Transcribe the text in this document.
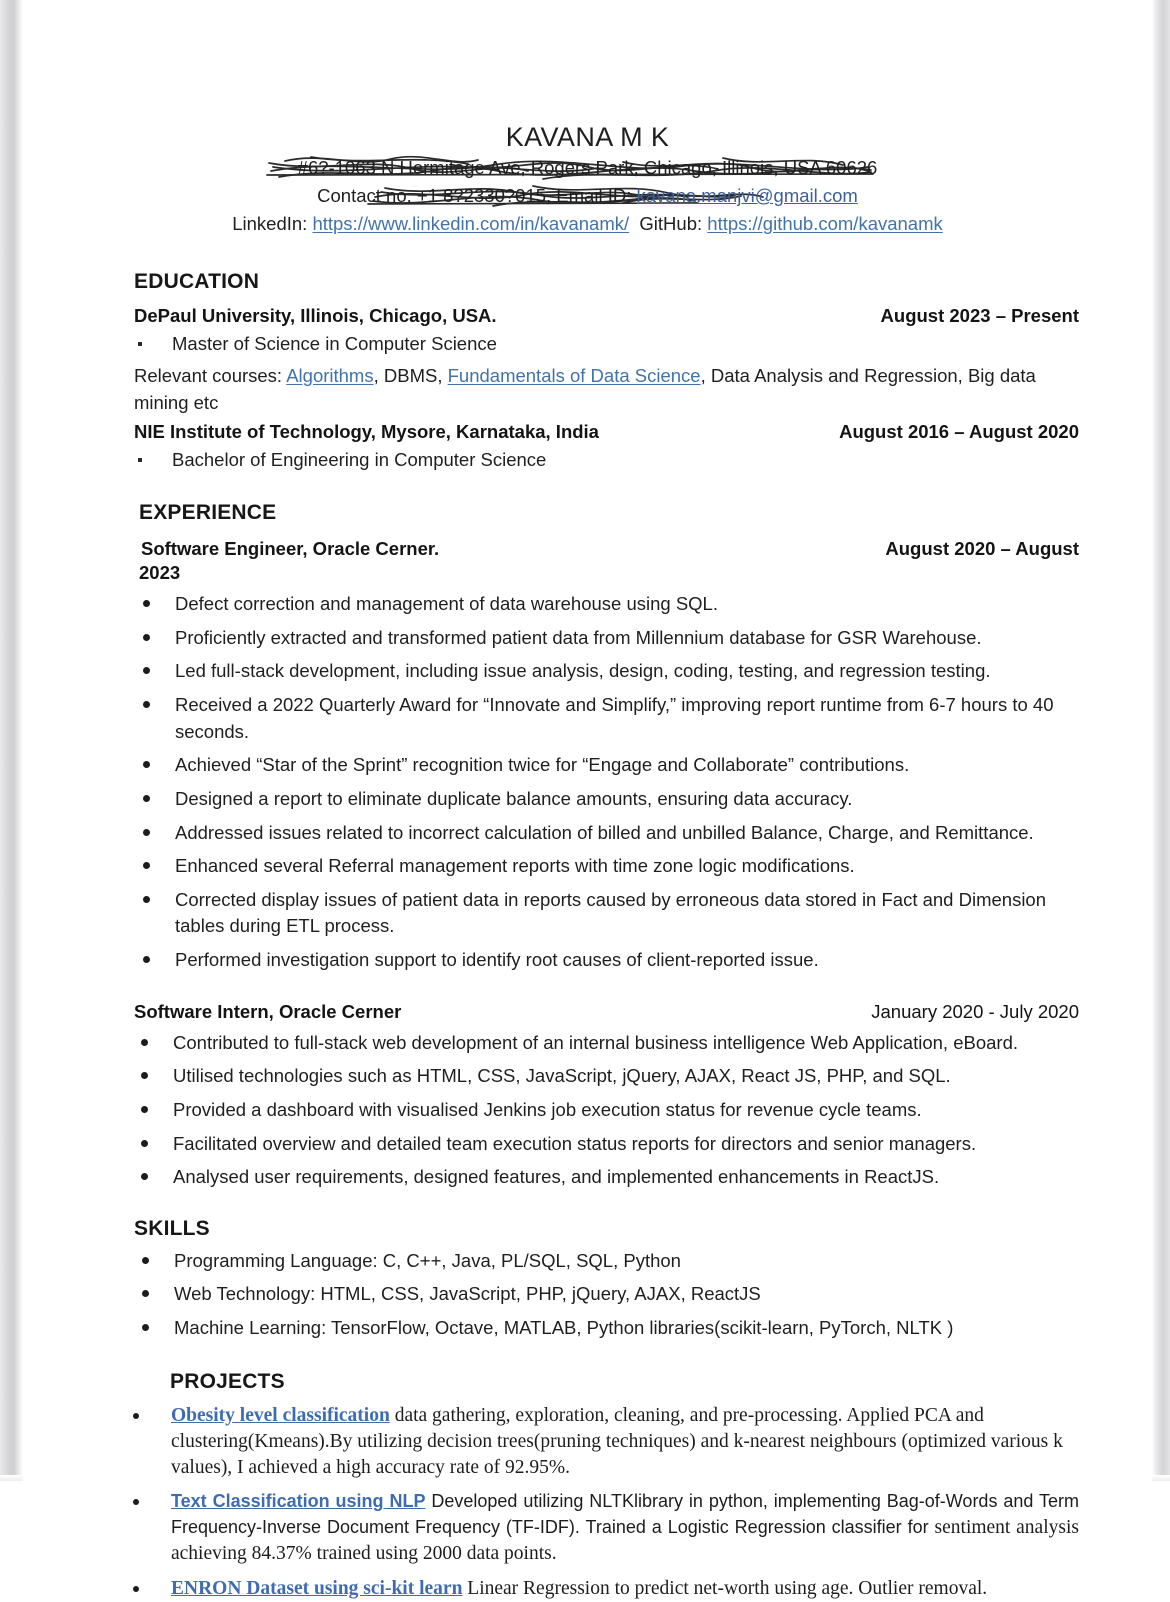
KAVANA M K
#6?-1063 N Hermitage Ave, Rogers Park, Chicago, Illinois, USA 60626
Contact no. +1 8?2330?015, Email ID: kavana.manjvi@gmail.com
LinkedIn: https://www.linkedin.com/in/kavanamk/ GitHub: https://github.com/kavanamk
EDUCATION
DePaul University, Illinois, Chicago, USA.	August 2023 – Present
Master of Science in Computer Science
Relevant courses: Algorithms, DBMS, Fundamentals of Data Science, Data Analysis and Regression, Big data mining etc
NIE Institute of Technology, Mysore, Karnataka, India	August 2016 – August 2020
Bachelor of Engineering in Computer Science
EXPERIENCE
Software Engineer, Oracle Cerner.	August 2020 – August
2023
Defect correction and management of data warehouse using SQL.
Proficiently extracted and transformed patient data from Millennium database for GSR Warehouse.
Led full-stack development, including issue analysis, design, coding, testing, and regression testing.
Received a 2022 Quarterly Award for “Innovate and Simplify,” improving report runtime from 6-7 hours to 40 seconds.
Achieved “Star of the Sprint” recognition twice for “Engage and Collaborate” contributions.
Designed a report to eliminate duplicate balance amounts, ensuring data accuracy.
Addressed issues related to incorrect calculation of billed and unbilled Balance, Charge, and Remittance.
Enhanced several Referral management reports with time zone logic modifications.
Corrected display issues of patient data in reports caused by erroneous data stored in Fact and Dimension tables during ETL process.
Performed investigation support to identify root causes of client-reported issue.
Software Intern, Oracle Cerner	January 2020 - July 2020
Contributed to full-stack web development of an internal business intelligence Web Application, eBoard.
Utilised technologies such as HTML, CSS, JavaScript, jQuery, AJAX, React JS, PHP, and SQL.
Provided a dashboard with visualised Jenkins job execution status for revenue cycle teams.
Facilitated overview and detailed team execution status reports for directors and senior managers.
Analysed user requirements, designed features, and implemented enhancements in ReactJS.
SKILLS
Programming Language: C, C++, Java, PL/SQL, SQL, Python
Web Technology: HTML, CSS, JavaScript, PHP, jQuery, AJAX, ReactJS
Machine Learning: TensorFlow, Octave, MATLAB, Python libraries(scikit-learn, PyTorch, NLTK )
PROJECTS
Obesity level classification data gathering, exploration, cleaning, and pre-processing. Applied PCA and clustering(Kmeans).By utilizing decision trees(pruning techniques) and k-nearest neighbours (optimized various k values), I achieved a high accuracy rate of 92.95%.
Text Classification using NLP Developed utilizing NLTKlibrary in python, implementing Bag-of-Words and Term Frequency-Inverse Document Frequency (TF-IDF). Trained a Logistic Regression classifier for sentiment analysis achieving 84.37% trained using 2000 data points.
ENRON Dataset using sci-kit learn Linear Regression to predict net-worth using age. Outlier removal.
